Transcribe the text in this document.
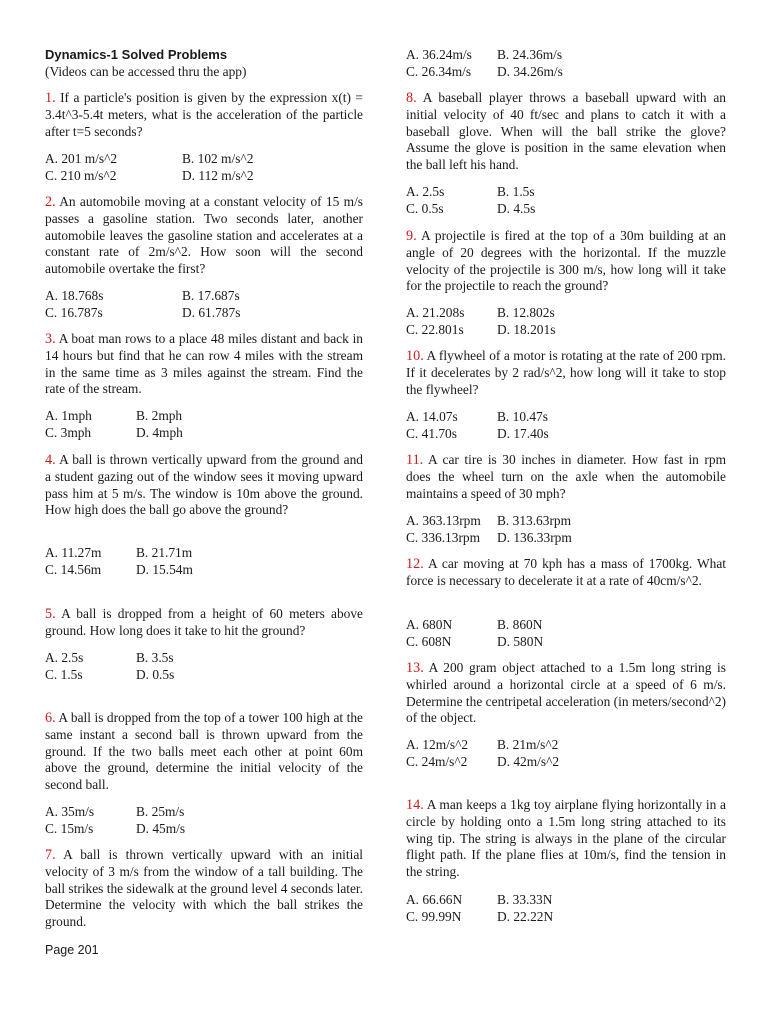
Dynamics-1 Solved Problems
(Videos can be accessed thru the app)
1. If a particle's position is given by the expression x(t) = 3.4t^3-5.4t meters, what is the acceleration of the particle after t=5 seconds?
A. 201 m/s^2	B. 102 m/s^2
C. 210 m/s^2	D. 112 m/s^2
2. An automobile moving at a constant velocity of 15 m/s passes a gasoline station. Two seconds later, another automobile leaves the gasoline station and accelerates at a constant rate of 2m/s^2. How soon will the second automobile overtake the first?
A. 18.768s	B. 17.687s
C. 16.787s	D. 61.787s
3. A boat man rows to a place 48 miles distant and back in 14 hours but find that he can row 4 miles with the stream in the same time as 3 miles against the stream. Find the rate of the stream.
A. 1mph	B. 2mph
C. 3mph	D. 4mph
4. A ball is thrown vertically upward from the ground and a student gazing out of the window sees it moving upward pass him at 5 m/s. The window is 10m above the ground. How high does the ball go above the ground?
A. 11.27m	B. 21.71m
C. 14.56m	D. 15.54m
5. A ball is dropped from a height of 60 meters above ground. How long does it take to hit the ground?
A. 2.5s	B. 3.5s
C. 1.5s	D. 0.5s
6. A ball is dropped from the top of a tower 100 high at the same instant a second ball is thrown upward from the ground. If the two balls meet each other at point 60m above the ground, determine the initial velocity of the second ball.
A. 35m/s	B. 25m/s
C. 15m/s	D. 45m/s
7. A ball is thrown vertically upward with an initial velocity of 3 m/s from the window of a tall building. The ball strikes the sidewalk at the ground level 4 seconds later. Determine the velocity with which the ball strikes the ground.
A. 36.24m/s	B. 24.36m/s
C. 26.34m/s	D. 34.26m/s
8. A baseball player throws a baseball upward with an initial velocity of 40 ft/sec and plans to catch it with a baseball glove. When will the ball strike the glove? Assume the glove is position in the same elevation when the ball left his hand.
A. 2.5s	B. 1.5s
C. 0.5s	D. 4.5s
9. A projectile is fired at the top of a 30m building at an angle of 20 degrees with the horizontal. If the muzzle velocity of the projectile is 300 m/s, how long will it take for the projectile to reach the ground?
A. 21.208s	B. 12.802s
C. 22.801s	D. 18.201s
10. A flywheel of a motor is rotating at the rate of 200 rpm. If it decelerates by 2 rad/s^2, how long will it take to stop the flywheel?
A. 14.07s	B. 10.47s
C. 41.70s	D. 17.40s
11. A car tire is 30 inches in diameter. How fast in rpm does the wheel turn on the axle when the automobile maintains a speed of 30 mph?
A. 363.13rpm	B. 313.63rpm
C. 336.13rpm	D. 136.33rpm
12. A car moving at 70 kph has a mass of 1700kg. What force is necessary to decelerate it at a rate of 40cm/s^2.
A. 680N	B. 860N
C. 608N	D. 580N
13. A 200 gram object attached to a 1.5m long string is whirled around a horizontal circle at a speed of 6 m/s. Determine the centripetal acceleration (in meters/second^2) of the object.
A. 12m/s^2	B. 21m/s^2
C. 24m/s^2	D. 42m/s^2
14. A man keeps a 1kg toy airplane flying horizontally in a circle by holding onto a 1.5m long string attached to its wing tip. The string is always in the plane of the circular flight path. If the plane flies at 10m/s, find the tension in the string.
A. 66.66N	B. 33.33N
C. 99.99N	D. 22.22N
Page 201
